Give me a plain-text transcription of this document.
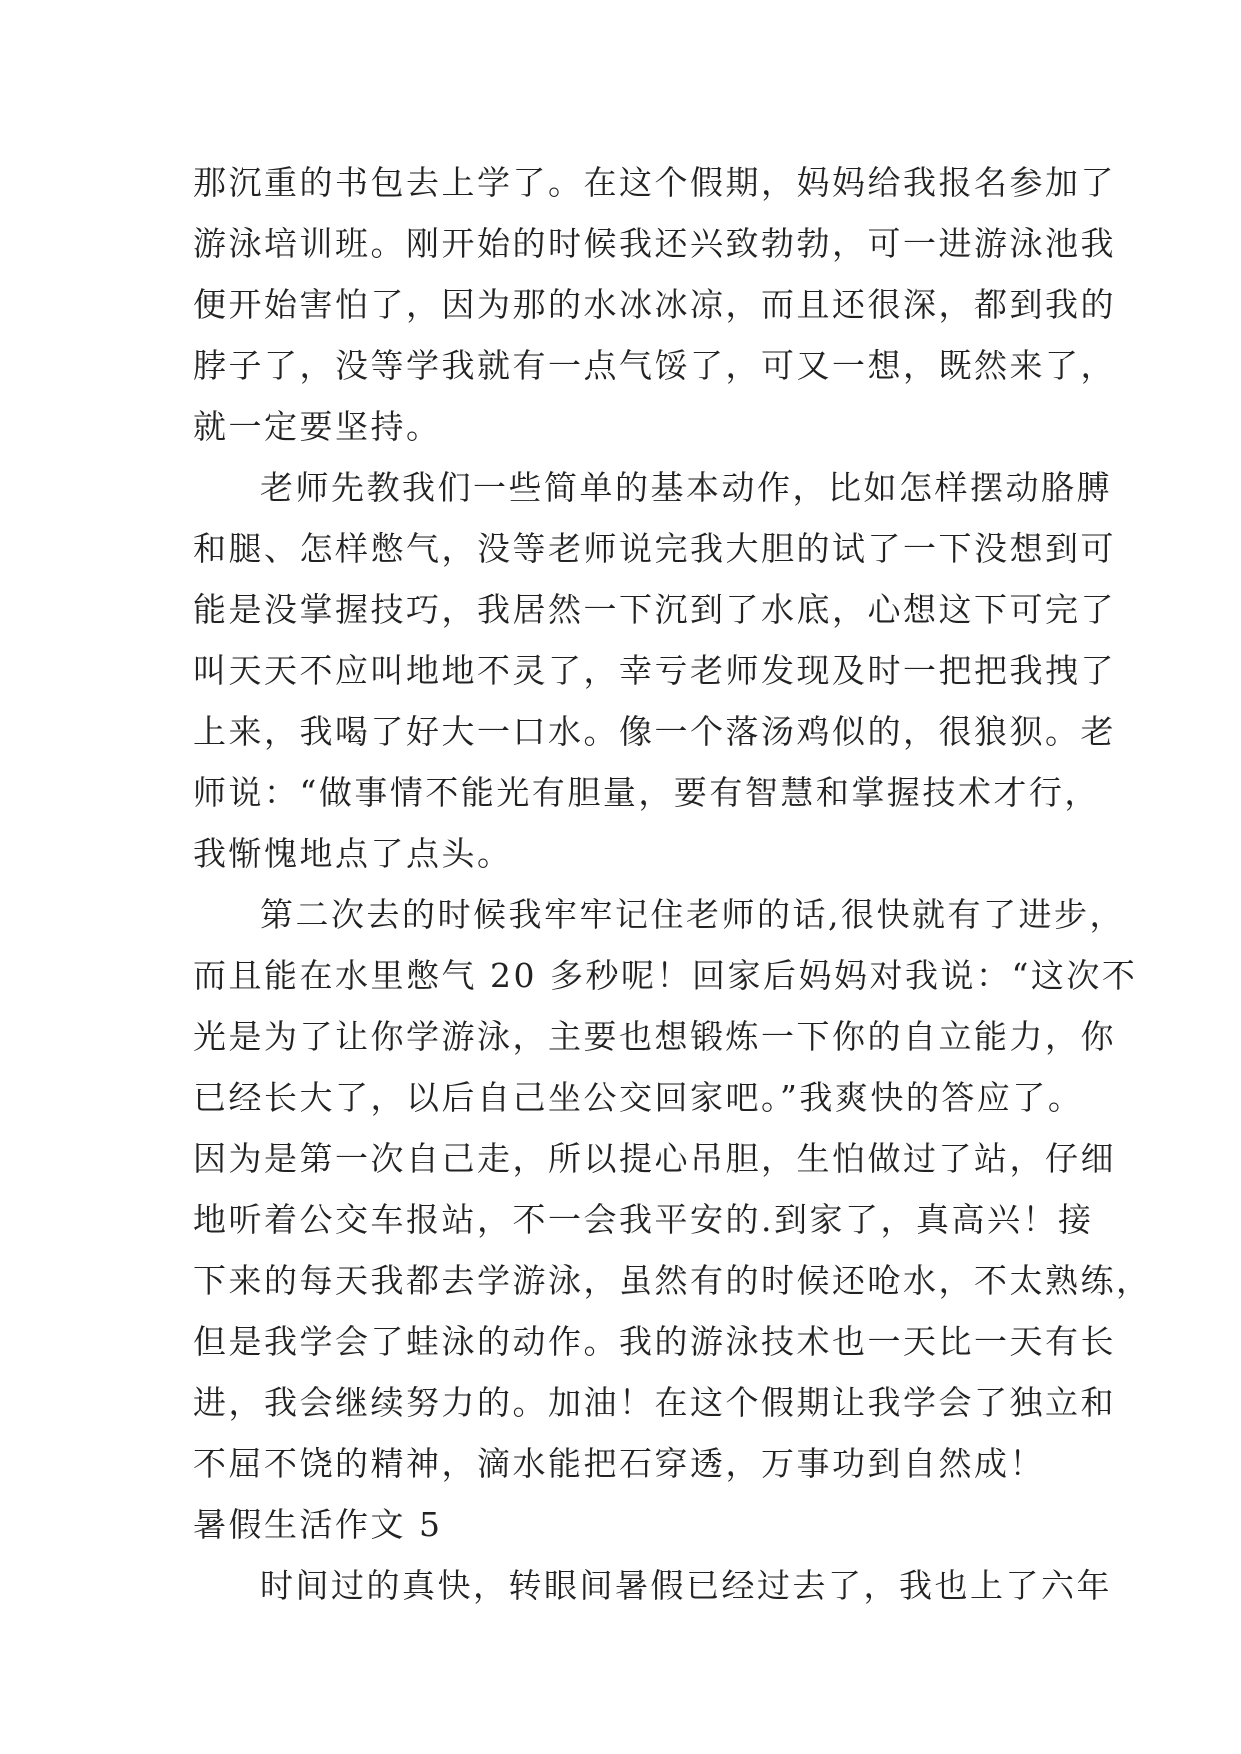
那沉重的书包去上学了。在这个假期，妈妈给我报名参加了
游泳培训班。刚开始的时候我还兴致勃勃，可一进游泳池我
便开始害怕了，因为那的水冰冰凉，而且还很深，都到我的
脖子了，没等学我就有一点气馁了，可又一想，既然来了，
就一定要坚持。
老师先教我们一些简单的基本动作，比如怎样摆动胳膊
和腿、怎样憋气，没等老师说完我大胆的试了一下没想到可
能是没掌握技巧，我居然一下沉到了水底，心想这下可完了
叫天天不应叫地地不灵了，幸亏老师发现及时一把把我拽了
上来，我喝了好大一口水。像一个落汤鸡似的，很狼狈。老
师说：“做事情不能光有胆量，要有智慧和掌握技术才行，
我惭愧地点了点头。
第二次去的时候我牢牢记住老师的话,很快就有了进步，
而且能在水里憋气 20 多秒呢！回家后妈妈对我说：“这次不
光是为了让你学游泳，主要也想锻炼一下你的自立能力，你
已经长大了，以后自己坐公交回家吧。”我爽快的答应了。
因为是第一次自己走，所以提心吊胆，生怕做过了站，仔细
地听着公交车报站，不一会我平安的.到家了，真高兴！接
下来的每天我都去学游泳，虽然有的时候还呛水，不太熟练，
但是我学会了蛙泳的动作。我的游泳技术也一天比一天有长
进，我会继续努力的。加油！在这个假期让我学会了独立和
不屈不饶的精神，滴水能把石穿透，万事功到自然成！
暑假生活作文 5
时间过的真快，转眼间暑假已经过去了，我也上了六年
